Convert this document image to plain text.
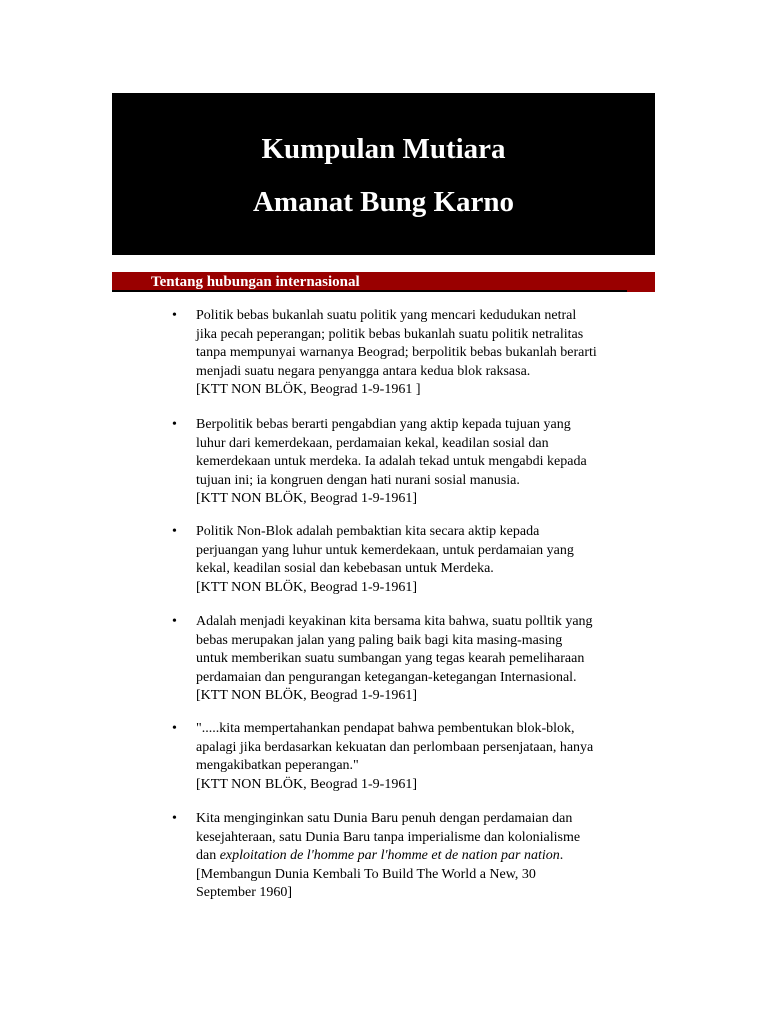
Kumpulan Mutiara
Amanat Bung Karno
Tentang hubungan internasional
• Politik bebas bukanlah suatu politik yang mencari kedudukan netral
jika pecah peperangan; politik bebas bukanlah suatu politik netralitas
tanpa mempunyai warnanya Beograd; berpolitik bebas bukanlah berarti
menjadi suatu negara penyangga antara kedua blok raksasa.
[KTT NON BLÖK, Beograd 1-9-1961 ]
• Berpolitik bebas berarti pengabdian yang aktip kepada tujuan yang
luhur dari kemerdekaan, perdamaian kekal, keadilan sosial dan
kemerdekaan untuk merdeka. Ia adalah tekad untuk mengabdi kepada
tujuan ini; ia kongruen dengan hati nurani sosial manusia.
[KTT NON BLÖK, Beograd 1-9-1961]
• Politik Non-Blok adalah pembaktian kita secara aktip kepada
perjuangan yang luhur untuk kemerdekaan, untuk perdamaian yang
kekal, keadilan sosial dan kebebasan untuk Merdeka.
[KTT NON BLÖK, Beograd 1-9-1961]
• Adalah menjadi keyakinan kita bersama kita bahwa, suatu polltik yang
bebas merupakan jalan yang paling baik bagi kita masing-masing
untuk memberikan suatu sumbangan yang tegas kearah pemeliharaan
perdamaian dan pengurangan ketegangan-ketegangan Internasional.
[KTT NON BLÖK, Beograd 1-9-1961]
• ".....kita mempertahankan pendapat bahwa pembentukan blok-blok,
apalagi jika berdasarkan kekuatan dan perlombaan persenjataan, hanya
mengakibatkan peperangan."
[KTT NON BLÖK, Beograd 1-9-1961]
• Kita menginginkan satu Dunia Baru penuh dengan perdamaian dan
kesejahteraan, satu Dunia Baru tanpa imperialisme dan kolonialisme
dan exploitation de l'homme par l'homme et de nation par nation.
[Membangun Dunia Kembali To Build The World a New, 30
September 1960]
